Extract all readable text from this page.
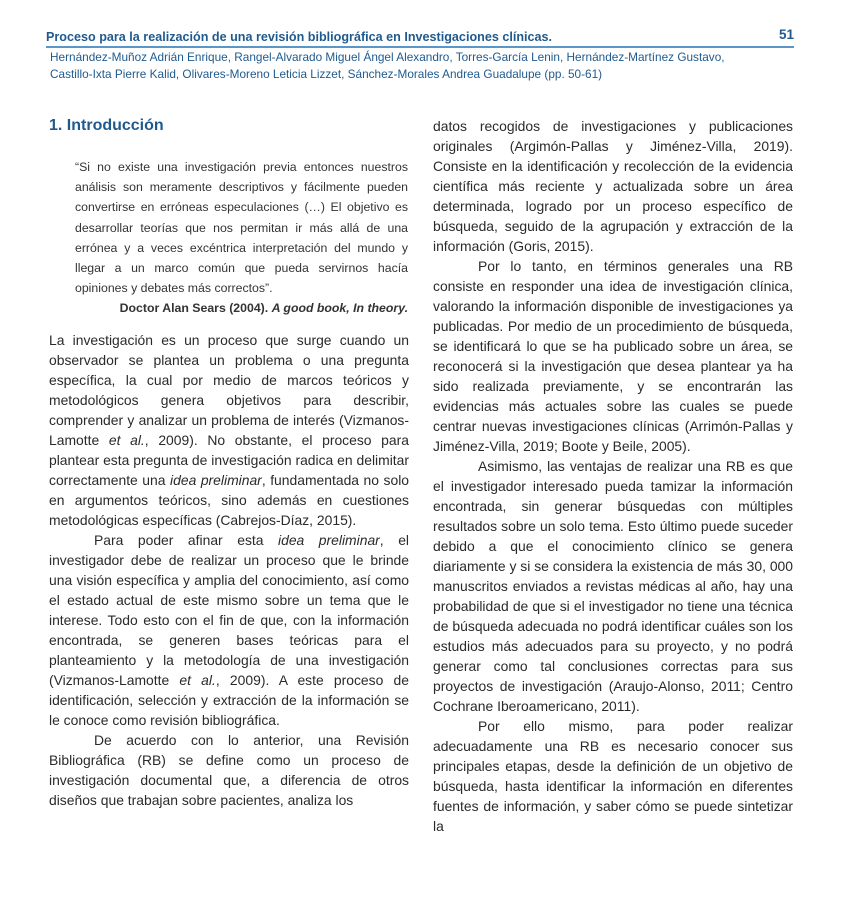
Proceso para la realización de una revisión bibliográfica en Investigaciones clínicas.	51
Hernández-Muñoz Adrián Enrique, Rangel-Alvarado Miguel Ángel Alexandro, Torres-García Lenin, Hernández-Martínez Gustavo,
Castillo-Ixta Pierre Kalid, Olivares-Moreno Leticia Lizzet, Sánchez-Morales Andrea Guadalupe (pp. 50-61)
1. Introducción

“Si no existe una investigación previa entonces nuestros análisis son meramente descriptivos y fácilmente pueden convertirse en erróneas especulaciones (…) El objetivo es desarrollar teorías que nos permitan ir más allá de una errónea y a veces excéntrica interpretación del mundo y llegar a un marco común que pueda servirnos hacía opiniones y debates más correctos”.

Doctor Alan Sears (2004). A good book, In theory.

La investigación es un proceso que surge cuando un observador se plantea un problema o una pregunta específica, la cual por medio de marcos teóricos y metodológicos genera objetivos para describir, comprender y analizar un problema de interés (Vizmanos-Lamotte et al., 2009). No obstante, el proceso para plantear esta pregunta de investigación radica en delimitar correctamente una idea preliminar, fundamentada no solo en argumentos teóricos, sino además en cuestiones metodológicas específicas (Cabrejos-Díaz, 2015).

Para poder afinar esta idea preliminar, el investigador debe de realizar un proceso que le brinde una visión específica y amplia del conocimiento, así como el estado actual de este mismo sobre un tema que le interese. Todo esto con el fin de que, con la información encontrada, se generen bases teóricas para el planteamiento y la metodología de una investigación (Vizmanos-Lamotte et al., 2009). A este proceso de identificación, selección y extracción de la información se le conoce como revisión bibliográfica.

De acuerdo con lo anterior, una Revisión Bibliográfica (RB) se define como un proceso de investigación documental que, a diferencia de otros diseños que trabajan sobre pacientes, analiza los

datos recogidos de investigaciones y publicaciones originales (Argimón-Pallas y Jiménez-Villa, 2019). Consiste en la identificación y recolección de la evidencia científica más reciente y actualizada sobre un área determinada, logrado por un proceso específico de búsqueda, seguido de la agrupación y extracción de la información (Goris, 2015).

Por lo tanto, en términos generales una RB consiste en responder una idea de investigación clínica, valorando la información disponible de investigaciones ya publicadas. Por medio de un procedimiento de búsqueda, se identificará lo que se ha publicado sobre un área, se reconocerá si la investigación que desea plantear ya ha sido realizada previamente, y se encontrarán las evidencias más actuales sobre las cuales se puede centrar nuevas investigaciones clínicas (Arrimón-Pallas y Jiménez-Villa, 2019; Boote y Beile, 2005).

Asimismo, las ventajas de realizar una RB es que el investigador interesado pueda tamizar la información encontrada, sin generar búsquedas con múltiples resultados sobre un solo tema. Esto último puede suceder debido a que el conocimiento clínico se genera diariamente y si se considera la existencia de más 30, 000 manuscritos enviados a revistas médicas al año, hay una probabilidad de que si el investigador no tiene una técnica de búsqueda adecuada no podrá identificar cuáles son los estudios más adecuados para su proyecto, y no podrá generar como tal conclusiones correctas para sus proyectos de investigación (Araujo-Alonso, 2011; Centro Cochrane Iberoamericano, 2011).

Por ello mismo, para poder realizar adecuadamente una RB es necesario conocer sus principales etapas, desde la definición de un objetivo de búsqueda, hasta identificar la información en diferentes fuentes de información, y saber cómo se puede sintetizar la
